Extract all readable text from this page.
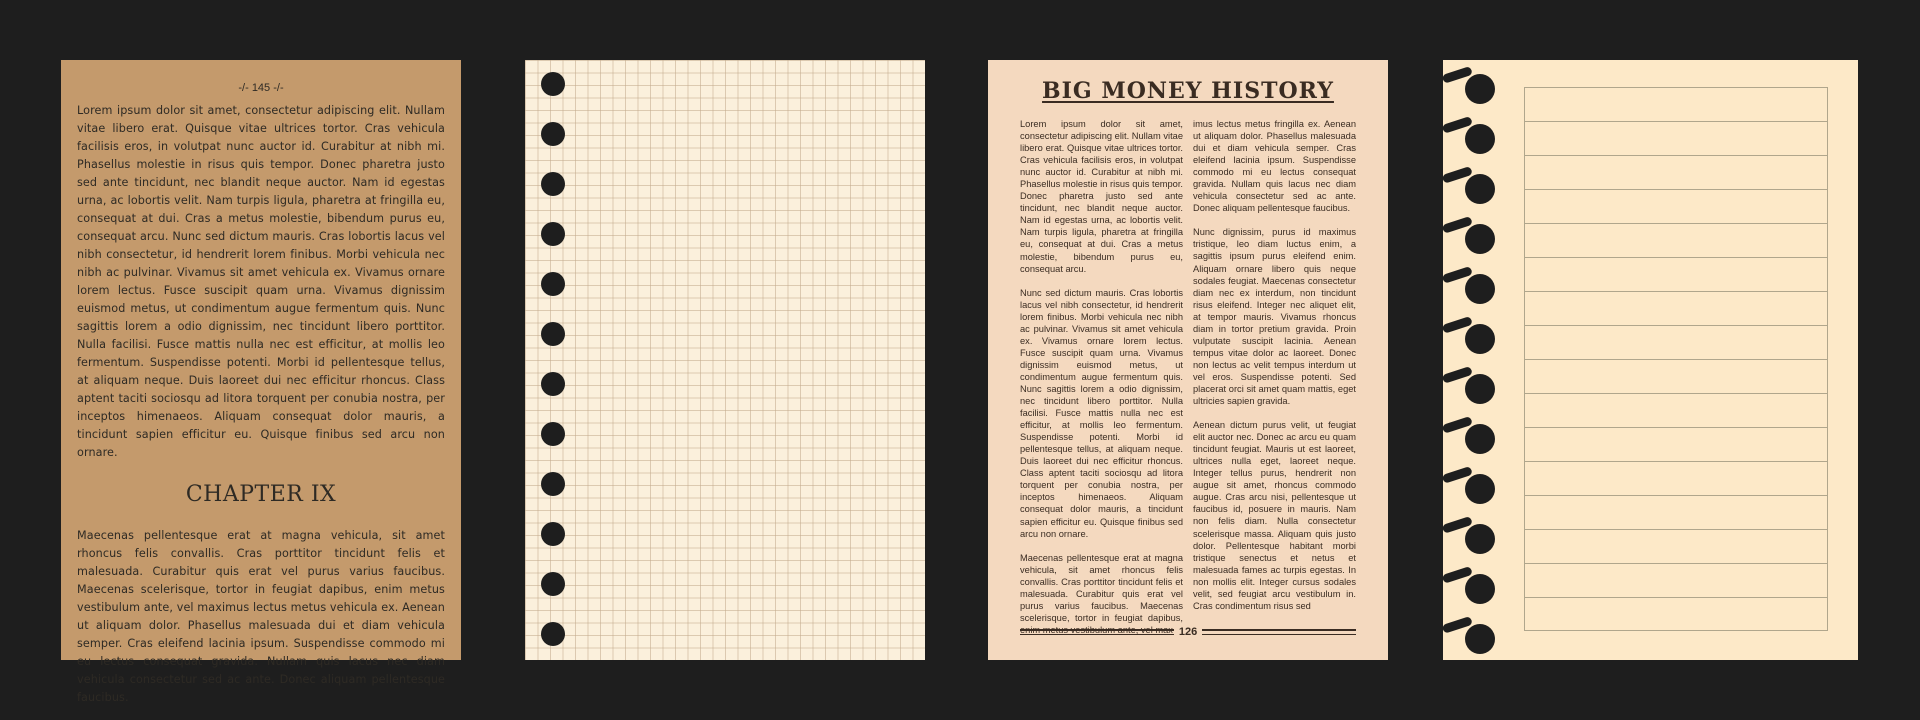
-/- 145 -/-

Lorem ipsum dolor sit amet, consectetur adipiscing elit. Nullam vitae libero erat. Quisque vitae ultrices tortor. Cras vehicula facilisis eros, in volutpat nunc auctor id. Curabitur at nibh mi. Phasellus molestie in risus quis tempor. Donec pharetra justo sed ante tincidunt, nec blandit neque auctor. Nam id egestas urna, ac lobortis velit. Nam turpis ligula, pharetra at fringilla eu, consequat at dui. Cras a metus molestie, bibendum purus eu, consequat arcu. Nunc sed dictum mauris. Cras lobortis lacus vel nibh consectetur, id hendrerit lorem finibus. Morbi vehicula nec nibh ac pulvinar. Vivamus sit amet vehicula ex. Vivamus ornare lorem lectus. Fusce suscipit quam urna. Vivamus dignissim euismod metus, ut condimentum augue fermentum quis. Nunc sagittis lorem a odio dignissim, nec tincidunt libero porttitor. Nulla facilisi. Fusce mattis nulla nec est efficitur, at mollis leo fermentum. Suspendisse potenti. Morbi id pellentesque tellus, at aliquam neque. Duis laoreet dui nec efficitur rhoncus. Class aptent taciti sociosqu ad litora torquent per conubia nostra, per inceptos himenaeos. Aliquam consequat dolor mauris, a tincidunt sapien efficitur eu. Quisque finibus sed arcu non ornare.

CHAPTER IX

Maecenas pellentesque erat at magna vehicula, sit amet rhoncus felis convallis. Cras porttitor tincidunt felis et malesuada. Curabitur quis erat vel purus varius faucibus. Maecenas scelerisque, tortor in feugiat dapibus, enim metus vestibulum ante, vel maximus lectus metus vehicula ex. Aenean ut aliquam dolor. Phasellus malesuada dui et diam vehicula semper. Cras eleifend lacinia ipsum. Suspendisse commodo mi eu lectus consequat gravida. Nullam quis lacus nec diam vehicula consectetur sed ac ante. Donec aliquam pellentesque faucibus.

BIG MONEY HISTORY

Lorem ipsum dolor sit amet, consectetur adipiscing elit. Nullam vitae libero erat. Quisque vitae ultrices tortor. Cras vehicula facilisis eros, in volutpat nunc auctor id. Curabitur at nibh mi. Phasellus molestie in risus quis tempor. Donec pharetra justo sed ante tincidunt, nec blandit neque auctor. Nam id egestas urna, ac lobortis velit. Nam turpis ligula, pharetra at fringilla eu, consequat at dui. Cras a metus molestie, bibendum purus eu, consequat arcu.

Nunc sed dictum mauris. Cras lobortis lacus vel nibh consectetur, id hendrerit lorem finibus. Morbi vehicula nec nibh ac pulvinar. Vivamus sit amet vehicula ex. Vivamus ornare lorem lectus. Fusce suscipit quam urna. Vivamus dignissim euismod metus, ut condimentum augue fermentum quis. Nunc sagittis lorem a odio dignissim, nec tincidunt libero porttitor. Nulla facilisi. Fusce mattis nulla nec est efficitur, at mollis leo fermentum. Suspendisse potenti. Morbi id pellentesque tellus, at aliquam neque. Duis laoreet dui nec efficitur rhoncus. Class aptent taciti sociosqu ad litora torquent per conubia nostra, per inceptos himenaeos. Aliquam consequat dolor mauris, a tincidunt sapien efficitur eu. Quisque finibus sed arcu non ornare.

Maecenas pellentesque erat at magna vehicula, sit amet rhoncus felis convallis. Cras porttitor tincidunt felis et malesuada. Curabitur quis erat vel purus varius faucibus. Maecenas scelerisque, tortor in feugiat dapibus, enim metus vestibulum ante, vel max

imus lectus metus fringilla ex. Aenean ut aliquam dolor. Phasellus malesuada dui et diam vehicula semper. Cras eleifend lacinia ipsum. Suspendisse commodo mi eu lectus consequat gravida. Nullam quis lacus nec diam vehicula consectetur sed ac ante. Donec aliquam pellentesque faucibus.

Nunc dignissim, purus id maximus tristique, leo diam luctus enim, a sagittis ipsum purus eleifend enim. Aliquam ornare libero quis neque sodales feugiat. Maecenas consectetur diam nec ex interdum, non tincidunt risus eleifend. Integer nec aliquet elit, at tempor mauris. Vivamus rhoncus diam in tortor pretium gravida. Proin vulputate suscipit lacinia. Aenean tempus vitae dolor ac laoreet. Donec non lectus ac velit tempus interdum ut vel eros. Suspendisse potenti. Sed placerat orci sit amet quam mattis, eget ultricies sapien gravida.

Aenean dictum purus velit, ut feugiat elit auctor nec. Donec ac arcu eu quam tincidunt feugiat. Mauris ut est laoreet, ultrices nulla eget, laoreet neque. Integer tellus purus, hendrerit non augue sit amet, rhoncus commodo augue. Cras arcu nisi, pellentesque ut faucibus id, posuere in mauris. Nam non felis diam. Nulla consectetur scelerisque massa. Aliquam quis justo dolor. Pellentesque habitant morbi tristique senectus et netus et malesuada fames ac turpis egestas. In non mollis elit. Integer cursus sodales velit, sed feugiat arcu vestibulum in. Cras condimentum risus sed

126
